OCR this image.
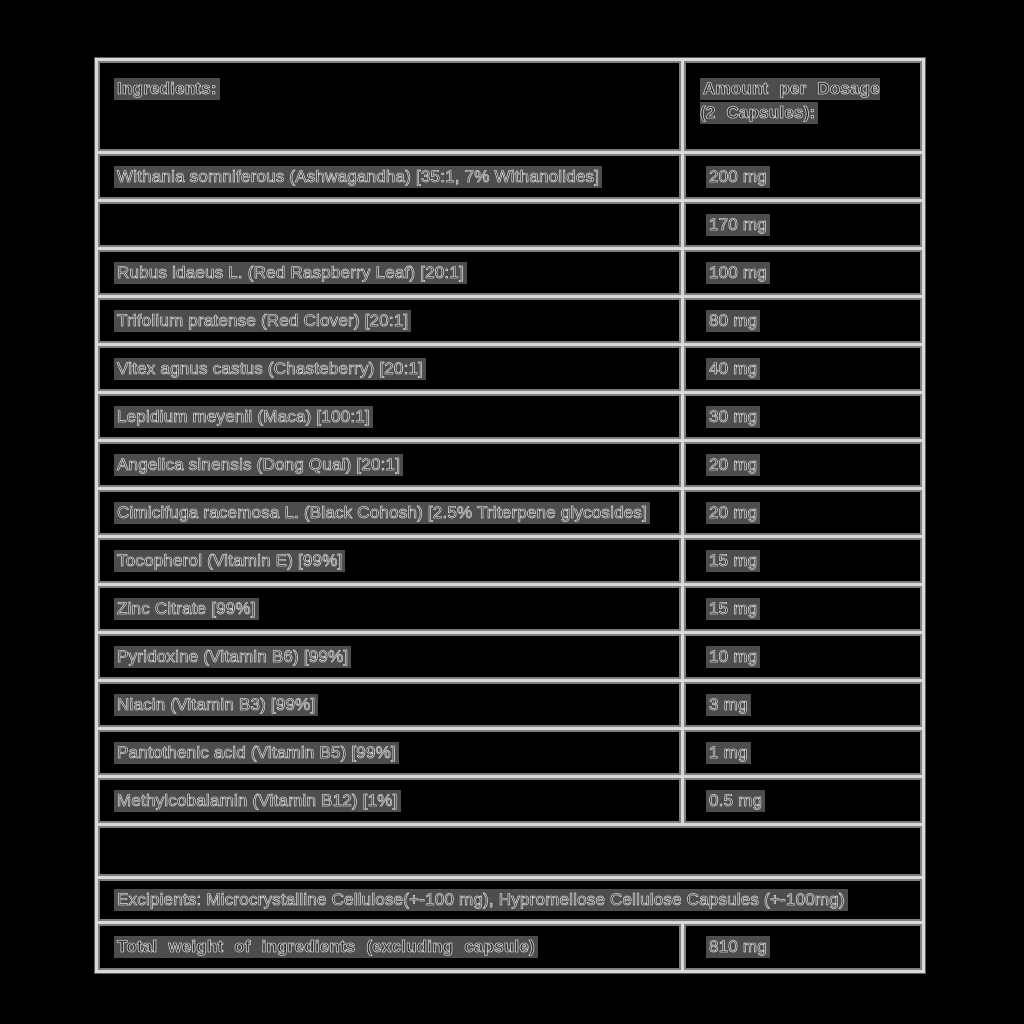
Ingredients:	Amount per Dosage (2 Capsules):
Withania somniferous (Ashwagandha) [35:1, 7% Withanolides]	200 mg
	170 mg
Rubus idaeus L. (Red Raspberry Leaf) [20:1]	100 mg
Trifolium pratense (Red Clover) [20:1]	80 mg
Vitex agnus castus (Chasteberry) [20:1]	40 mg
Lepidium meyenii (Maca) [100:1]	30 mg
Angelica sinensis (Dong Quai) [20:1]	20 mg
Cimicifuga racemosa L. (Black Cohosh) [2.5% Triterpene glycosides]	20 mg
Tocopherol (Vitamin E) [99%]	15 mg
Zinc Citrate [99%]	15 mg
Pyridoxine (Vitamin B6) [99%]	10 mg
Niacin (Vitamin B3) [99%]	3 mg
Pantothenic acid (Vitamin B5) [99%]	1 mg
Methylcobalamin (Vitamin B12) [1%]	0.5 mg

Excipients: Microcrystalline Cellulose(+-100 mg), Hypromellose Cellulose Capsules (+-100mg)	
Total weight of ingredients (excluding capsule)	810 mg
